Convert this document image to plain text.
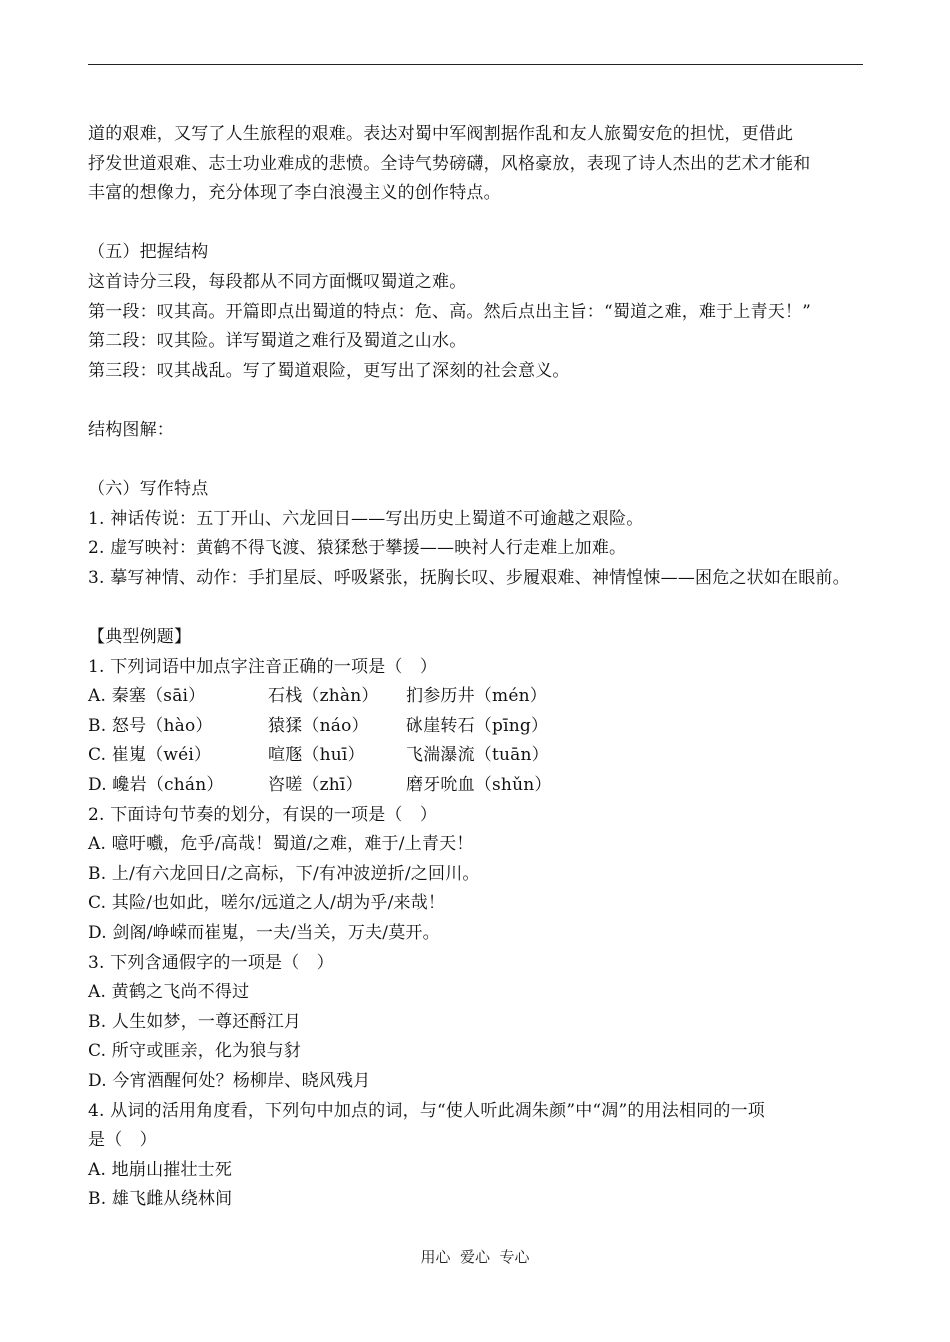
道的艰难，又写了人生旅程的艰难。表达对蜀中军阀割据作乱和友人旅蜀安危的担忧，更借此
抒发世道艰难、志士功业难成的悲愤。全诗气势磅礴，风格豪放，表现了诗人杰出的艺术才能和
丰富的想像力，充分体现了李白浪漫主义的创作特点。
（五）把握结构
这首诗分三段，每段都从不同方面慨叹蜀道之难。
第一段：叹其高。开篇即点出蜀道的特点：危、高。然后点出主旨：“蜀道之难，难于上青天！”
第二段：叹其险。详写蜀道之难行及蜀道之山水。
第三段：叹其战乱。写了蜀道艰险，更写出了深刻的社会意义。
结构图解：
（六）写作特点
1. 神话传说：五丁开山、六龙回日——写出历史上蜀道不可逾越之艰险。
2. 虚写映衬：黄鹤不得飞渡、猿猱愁于攀援——映衬人行走难上加难。
3. 摹写神情、动作：手扪星辰、呼吸紧张，抚胸长叹、步履艰难、神情惶悚——困危之状如在眼前。
【典型例题】
1. 下列词语中加点字注音正确的一项是（　）
A. 秦塞（sāi）	石栈（zhàn）	扪参历井（mén）
B. 怒号（hào）	猿猱（náo）	砯崖转石（pīng）
C. 崔嵬（wéi）	喧豗（huī）	飞湍瀑流（tuān）
D. 巉岩（chán）	咨嗟（zhī）	磨牙吮血（shǔn）
2. 下面诗句节奏的划分，有误的一项是（　）
A. 噫吁嚱，危乎/高哉！蜀道/之难，难于/上青天！
B. 上/有六龙回日/之高标，下/有冲波逆折/之回川。
C. 其险/也如此，嗟尔/远道之人/胡为乎/来哉！
D. 剑阁/峥嵘而崔嵬，一夫/当关，万夫/莫开。
3. 下列含通假字的一项是（　）
A. 黄鹤之飞尚不得过
B. 人生如梦，一尊还酹江月
C. 所守或匪亲，化为狼与豺
D. 今宵酒醒何处？杨柳岸、晓风残月
4. 从词的活用角度看，下列句中加点的词，与“使人听此凋朱颜”中“凋”的用法相同的一项
是（　）
A. 地崩山摧壮士死
B. 雄飞雌从绕林间
用心  爱心  专心
